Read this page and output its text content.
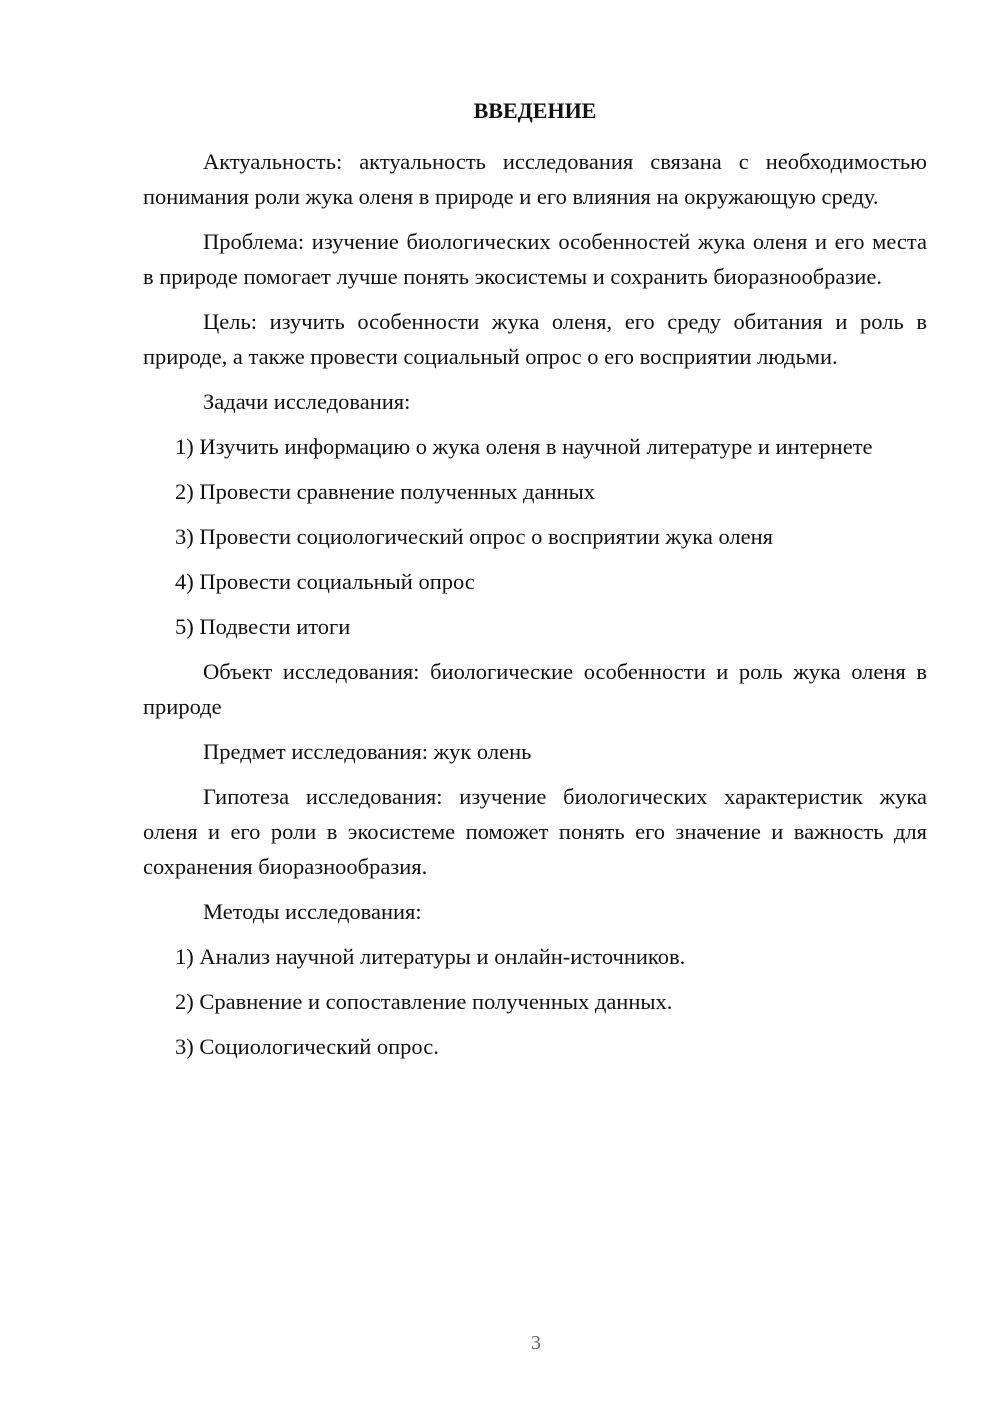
ВВЕДЕНИЕ

Актуальность: актуальность исследования связана с необходимостью понимания роли жука оленя в природе и его влияния на окружающую среду.

Проблема: изучение биологических особенностей жука оленя и его места в природе помогает лучше понять экосистемы и сохранить биоразнообразие.

Цель: изучить особенности жука оленя, его среду обитания и роль в природе, а также провести социальный опрос о его восприятии людьми.

Задачи исследования:

1) Изучить информацию о жука оленя в научной литературе и интернете

2) Провести сравнение полученных данных

3) Провести социологический опрос о восприятии жука оленя

4) Провести социальный опрос

5) Подвести итоги

Объект исследования: биологические особенности и роль жука оленя в природе

Предмет исследования: жук олень

Гипотеза исследования: изучение биологических характеристик жука оленя и его роли в экосистеме поможет понять его значение и важность для сохранения биоразнообразия.

Методы исследования:

1) Анализ научной литературы и онлайн-источников.

2) Сравнение и сопоставление полученных данных.

3) Социологический опрос.

3
